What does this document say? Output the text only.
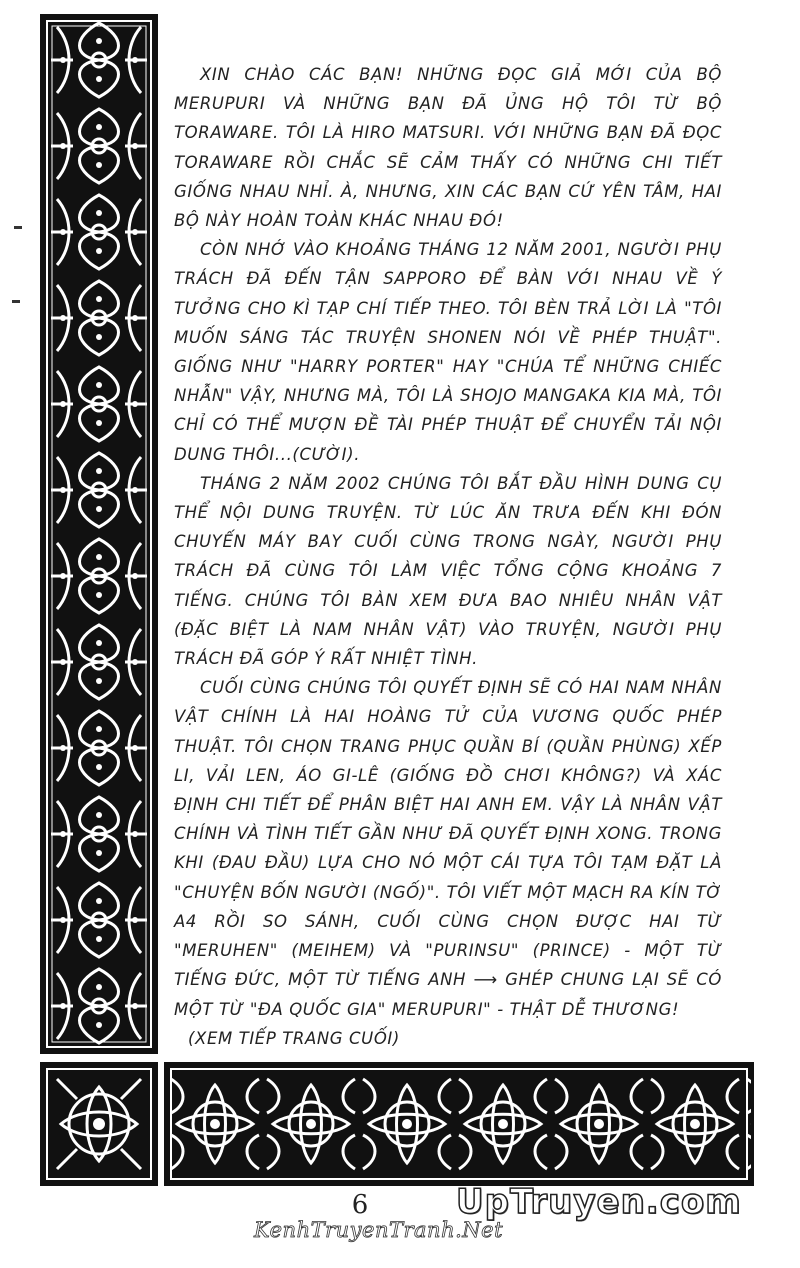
XIN CHÀO CÁC BẠN! NHỮNG ĐỌC GIẢ MỚI CỦA BỘ MERUPURI VÀ NHỮNG BẠN ĐÃ ỦNG HỘ TÔI TỪ BỘ TORAWARE. TÔI LÀ HIRO MATSURI. VỚI NHỮNG BẠN ĐÃ ĐỌC TORAWARE RỒI CHẮC SẼ CẢM THẤY CÓ NHỮNG CHI TIẾT GIỐNG NHAU NHỈ. À, NHƯNG, XIN CÁC BẠN CỨ YÊN TÂM, HAI BỘ NÀY HOÀN TOÀN KHÁC NHAU ĐÓ!

CÒN NHỚ VÀO KHOẢNG THÁNG 12 NĂM 2001, NGƯỜI PHỤ TRÁCH ĐÃ ĐẾN TẬN SAPPORO ĐỂ BÀN VỚI NHAU VỀ Ý TƯỞNG CHO KÌ TẠP CHÍ TIẾP THEO. TÔI BÈN TRẢ LỜI LÀ "TÔI MUỐN SÁNG TÁC TRUYỆN SHONEN NÓI VỀ PHÉP THUẬT". GIỐNG NHƯ "HARRY PORTER" HAY "CHÚA TỂ NHỮNG CHIẾC NHẪN" VẬY, NHƯNG MÀ, TÔI LÀ SHOJO MANGAKA KIA MÀ, TÔI CHỈ CÓ THỂ MƯỢN ĐỀ TÀI PHÉP THUẬT ĐỂ CHUYỂN TẢI NỘI DUNG THÔI...(CƯỜI).

THÁNG 2 NĂM 2002 CHÚNG TÔI BẮT ĐẦU HÌNH DUNG CỤ THỂ NỘI DUNG TRUYỆN. TỪ LÚC ĂN TRƯA ĐẾN KHI ĐÓN CHUYẾN MÁY BAY CUỐI CÙNG TRONG NGÀY, NGƯỜI PHỤ TRÁCH ĐÃ CÙNG TÔI LÀM VIỆC TỔNG CỘNG KHOẢNG 7 TIẾNG. CHÚNG TÔI BÀN XEM ĐƯA BAO NHIÊU NHÂN VẬT (ĐẶC BIỆT LÀ NAM NHÂN VẬT) VÀO TRUYỆN, NGƯỜI PHỤ TRÁCH ĐÃ GÓP Ý RẤT NHIỆT TÌNH.

CUỐI CÙNG CHÚNG TÔI QUYẾT ĐỊNH SẼ CÓ HAI NAM NHÂN VẬT CHÍNH LÀ HAI HOÀNG TỬ CỦA VƯƠNG QUỐC PHÉP THUẬT. TÔI CHỌN TRANG PHỤC QUẦN BÍ (QUẦN PHÙNG) XẾP LI, VẢI LEN, ÁO GI-LÊ (GIỐNG ĐỒ CHƠI KHÔNG?) VÀ XÁC ĐỊNH CHI TIẾT ĐỂ PHÂN BIỆT HAI ANH EM. VẬY LÀ NHÂN VẬT CHÍNH VÀ TÌNH TIẾT GẦN NHƯ ĐÃ QUYẾT ĐỊNH XONG. TRONG KHI (ĐAU ĐẦU) LỰA CHO NÓ MỘT CÁI TỰA TÔI TẠM ĐẶT LÀ "CHUYỆN BỐN NGƯỜI (NGỐ)". TÔI VIẾT MỘT MẠCH RA KÍN TỜ A4 RỒI SO SÁNH, CUỐI CÙNG CHỌN ĐƯỢC HAI TỪ "MERUHEN" (MEIHEM) VÀ "PURINSU" (PRINCE) - MỘT TỪ TIẾNG ĐỨC, MỘT TỪ TIẾNG ANH ⟶ GHÉP CHUNG LẠI SẼ CÓ MỘT TỪ "ĐA QUỐC GIA" MERUPURI" - THẬT DỄ THƯƠNG!

(XEM TIẾP TRANG CUỐI)

6	UpTruyen.com
KenhTruyenTranh.Net
